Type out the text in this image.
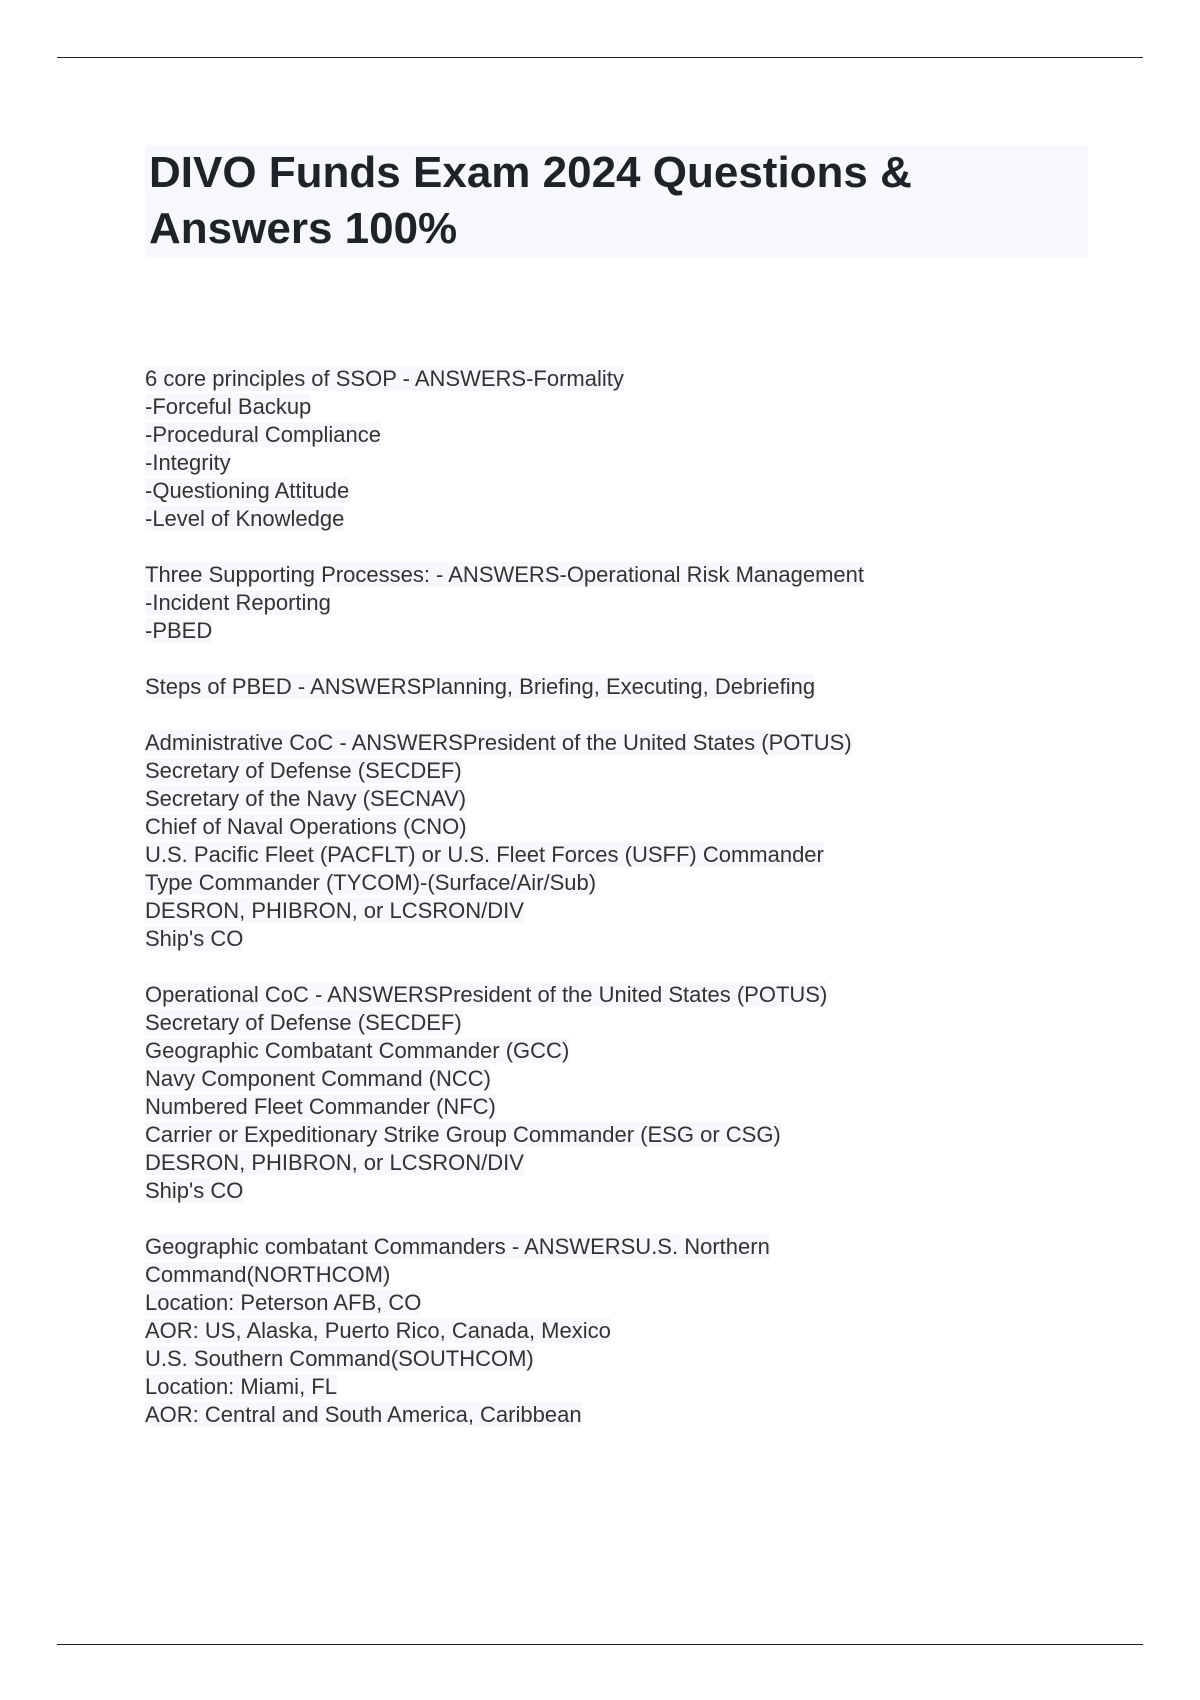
DIVO Funds Exam 2024 Questions &
Answers 100%
6 core principles of SSOP - ANSWERS-Formality
-Forceful Backup
-Procedural Compliance
-Integrity
-Questioning Attitude
-Level of Knowledge
Three Supporting Processes: - ANSWERS-Operational Risk Management
-Incident Reporting
-PBED
Steps of PBED - ANSWERSPlanning, Briefing, Executing, Debriefing
Administrative CoC - ANSWERSPresident of the United States (POTUS)
Secretary of Defense (SECDEF)
Secretary of the Navy (SECNAV)
Chief of Naval Operations (CNO)
U.S. Pacific Fleet (PACFLT) or U.S. Fleet Forces (USFF) Commander
Type Commander (TYCOM)-(Surface/Air/Sub)
DESRON, PHIBRON, or LCSRON/DIV
Ship's CO
Operational CoC - ANSWERSPresident of the United States (POTUS)
Secretary of Defense (SECDEF)
Geographic Combatant Commander (GCC)
Navy Component Command (NCC)
Numbered Fleet Commander (NFC)
Carrier or Expeditionary Strike Group Commander (ESG or CSG)
DESRON, PHIBRON, or LCSRON/DIV
Ship's CO
Geographic combatant Commanders - ANSWERSU.S. Northern
Command(NORTHCOM)
Location: Peterson AFB, CO
AOR: US, Alaska, Puerto Rico, Canada, Mexico
U.S. Southern Command(SOUTHCOM)
Location: Miami, FL
AOR: Central and South America, Caribbean
